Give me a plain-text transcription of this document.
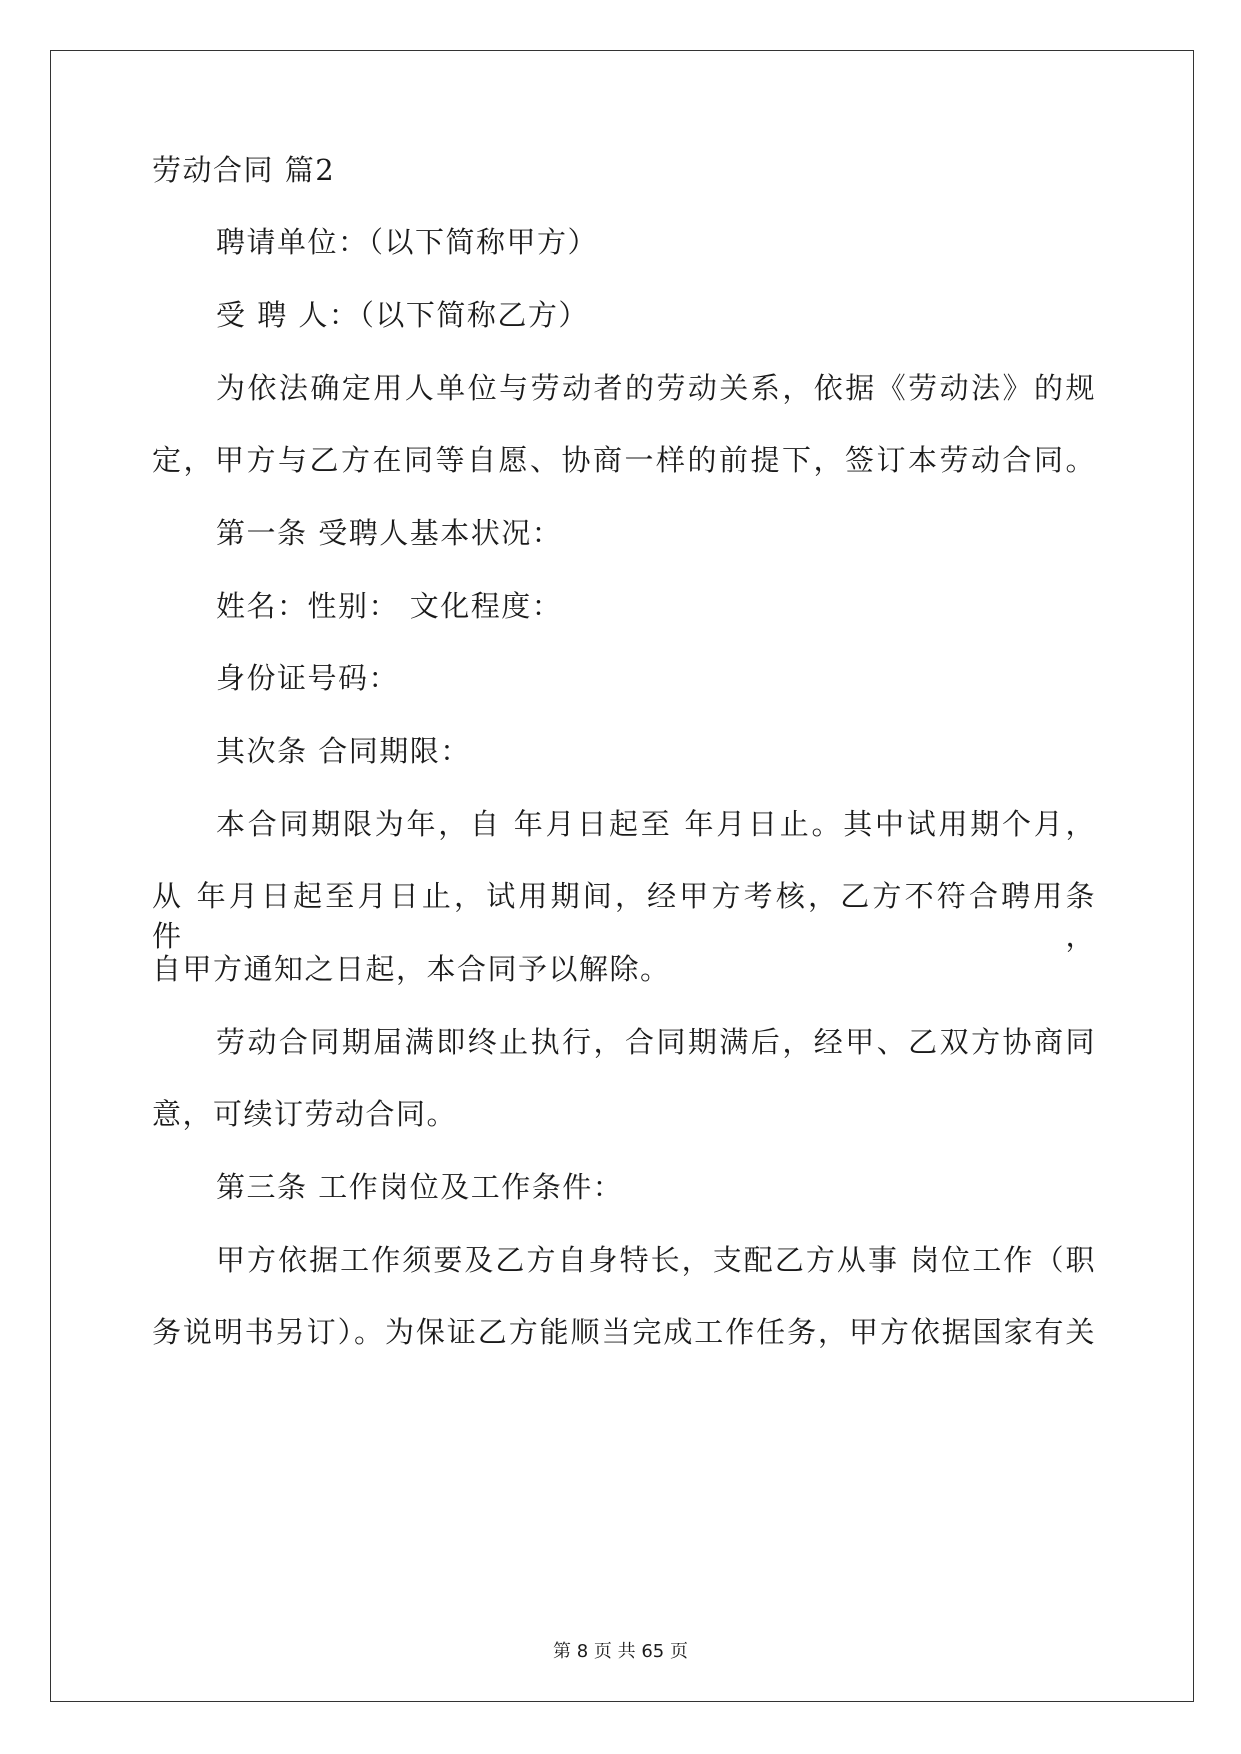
劳动合同 篇2
聘请单位：（以下简称甲方）
受 聘 人：（以下简称乙方）
为依法确定用人单位与劳动者的劳动关系，依据《劳动法》的规
定，甲方与乙方在同等自愿、协商一样的前提下，签订本劳动合同。
第一条 受聘人基本状况：
姓名：性别： 文化程度：
身份证号码：
其次条 合同期限：
本合同期限为年，自 年月日起至 年月日止。其中试用期个月，
从 年月日起至月日止，试用期间，经甲方考核，乙方不符合聘用条件，
自甲方通知之日起，本合同予以解除。
劳动合同期届满即终止执行，合同期满后，经甲、乙双方协商同
意，可续订劳动合同。
第三条 工作岗位及工作条件：
甲方依据工作须要及乙方自身特长，支配乙方从事 岗位工作（职
务说明书另订）。为保证乙方能顺当完成工作任务，甲方依据国家有关
第 8 页 共 65 页
